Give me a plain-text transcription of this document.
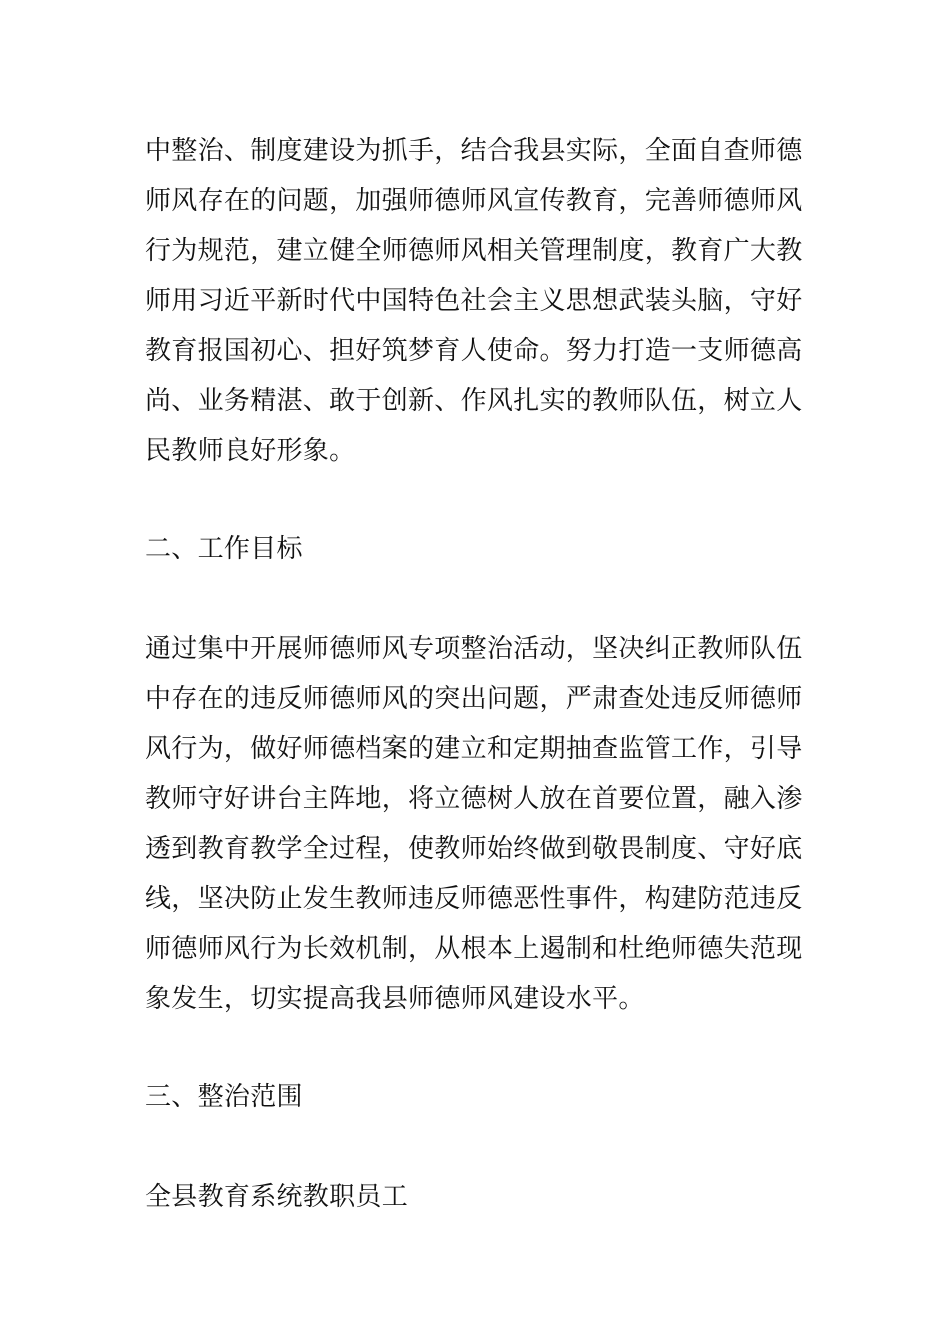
中整治、制度建设为抓手，结合我县实际，全面自查师德
师风存在的问题，加强师德师风宣传教育，完善师德师风
行为规范，建立健全师德师风相关管理制度，教育广大教
师用习近平新时代中国特色社会主义思想武装头脑，守好
教育报国初心、担好筑梦育人使命。努力打造一支师德高
尚、业务精湛、敢于创新、作风扎实的教师队伍，树立人
民教师良好形象。
二、工作目标
通过集中开展师德师风专项整治活动，坚决纠正教师队伍
中存在的违反师德师风的突出问题，严肃查处违反师德师
风行为，做好师德档案的建立和定期抽查监管工作，引导
教师守好讲台主阵地，将立德树人放在首要位置，融入渗
透到教育教学全过程，使教师始终做到敬畏制度、守好底
线，坚决防止发生教师违反师德恶性事件，构建防范违反
师德师风行为长效机制，从根本上遏制和杜绝师德失范现
象发生，切实提高我县师德师风建设水平。
三、整治范围
全县教育系统教职员工
